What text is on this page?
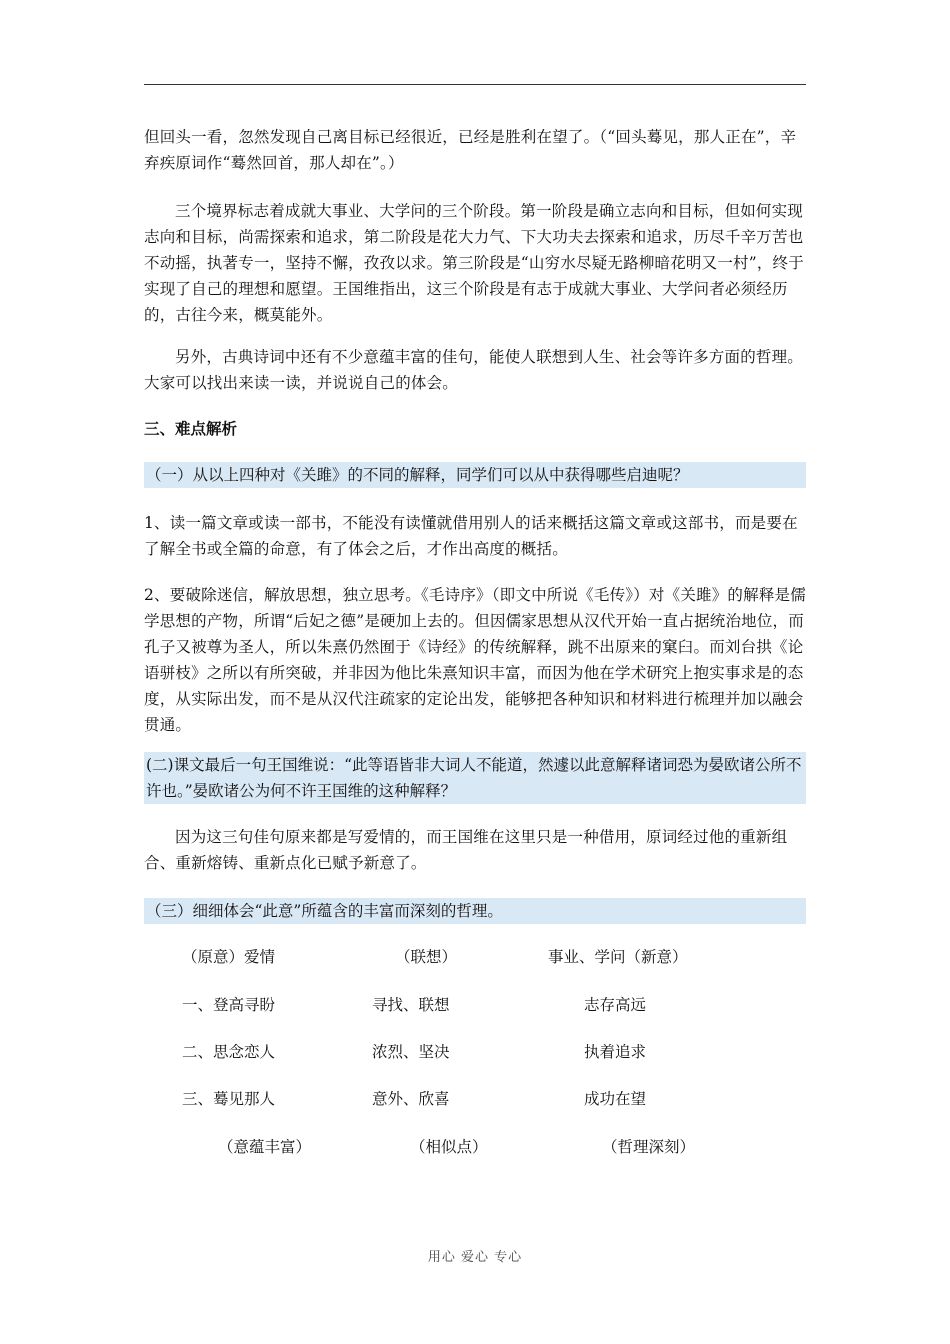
但回头一看，忽然发现自己离目标已经很近，已经是胜利在望了。（“回头蓦见，那人正在”，辛弃疾原词作“蓦然回首，那人却在”。）
三个境界标志着成就大事业、大学问的三个阶段。第一阶段是确立志向和目标，但如何实现志向和目标，尚需探索和追求，第二阶段是花大力气、下大功夫去探索和追求，历尽千辛万苦也不动摇，执著专一，坚持不懈，孜孜以求。第三阶段是“山穷水尽疑无路柳暗花明又一村”，终于实现了自己的理想和愿望。王国维指出，这三个阶段是有志于成就大事业、大学问者必须经历的，古往今来，概莫能外。
另外，古典诗词中还有不少意蕴丰富的佳句，能使人联想到人生、社会等许多方面的哲理。大家可以找出来读一读，并说说自己的体会。
三、难点解析
（一）从以上四种对《关雎》的不同的解释，同学们可以从中获得哪些启迪呢？
1、读一篇文章或读一部书，不能没有读懂就借用别人的话来概括这篇文章或这部书，而是要在了解全书或全篇的命意，有了体会之后，才作出高度的概括。
2、要破除迷信，解放思想，独立思考。《毛诗序》（即文中所说《毛传》）对《关雎》的解释是儒学思想的产物，所谓“后妃之德”是硬加上去的。但因儒家思想从汉代开始一直占据统治地位，而孔子又被尊为圣人，所以朱熹仍然囿于《诗经》的传统解释，跳不出原来的窠臼。而刘台拱《论语骈枝》之所以有所突破，并非因为他比朱熹知识丰富，而因为他在学术研究上抱实事求是的态度，从实际出发，而不是从汉代注疏家的定论出发，能够把各种知识和材料进行梳理并加以融会贯通。
(二)课文最后一句王国维说：“此等语皆非大词人不能道，然遽以此意解释诸词恐为晏欧诸公所不许也。”晏欧诸公为何不许王国维的这种解释？
因为这三句佳句原来都是写爱情的，而王国维在这里只是一种借用，原词经过他的重新组合、重新熔铸、重新点化已赋予新意了。
（三）细细体会“此意”所蕴含的丰富而深刻的哲理。
（原意）爱情	（联想）	事业、学问（新意）
一、登高寻盼	寻找、联想	志存高远
二、思念恋人	浓烈、坚决	执着追求
三、蓦见那人	意外、欣喜	成功在望
（意蕴丰富）	（相似点）	（哲理深刻）
用心 爱心 专心
